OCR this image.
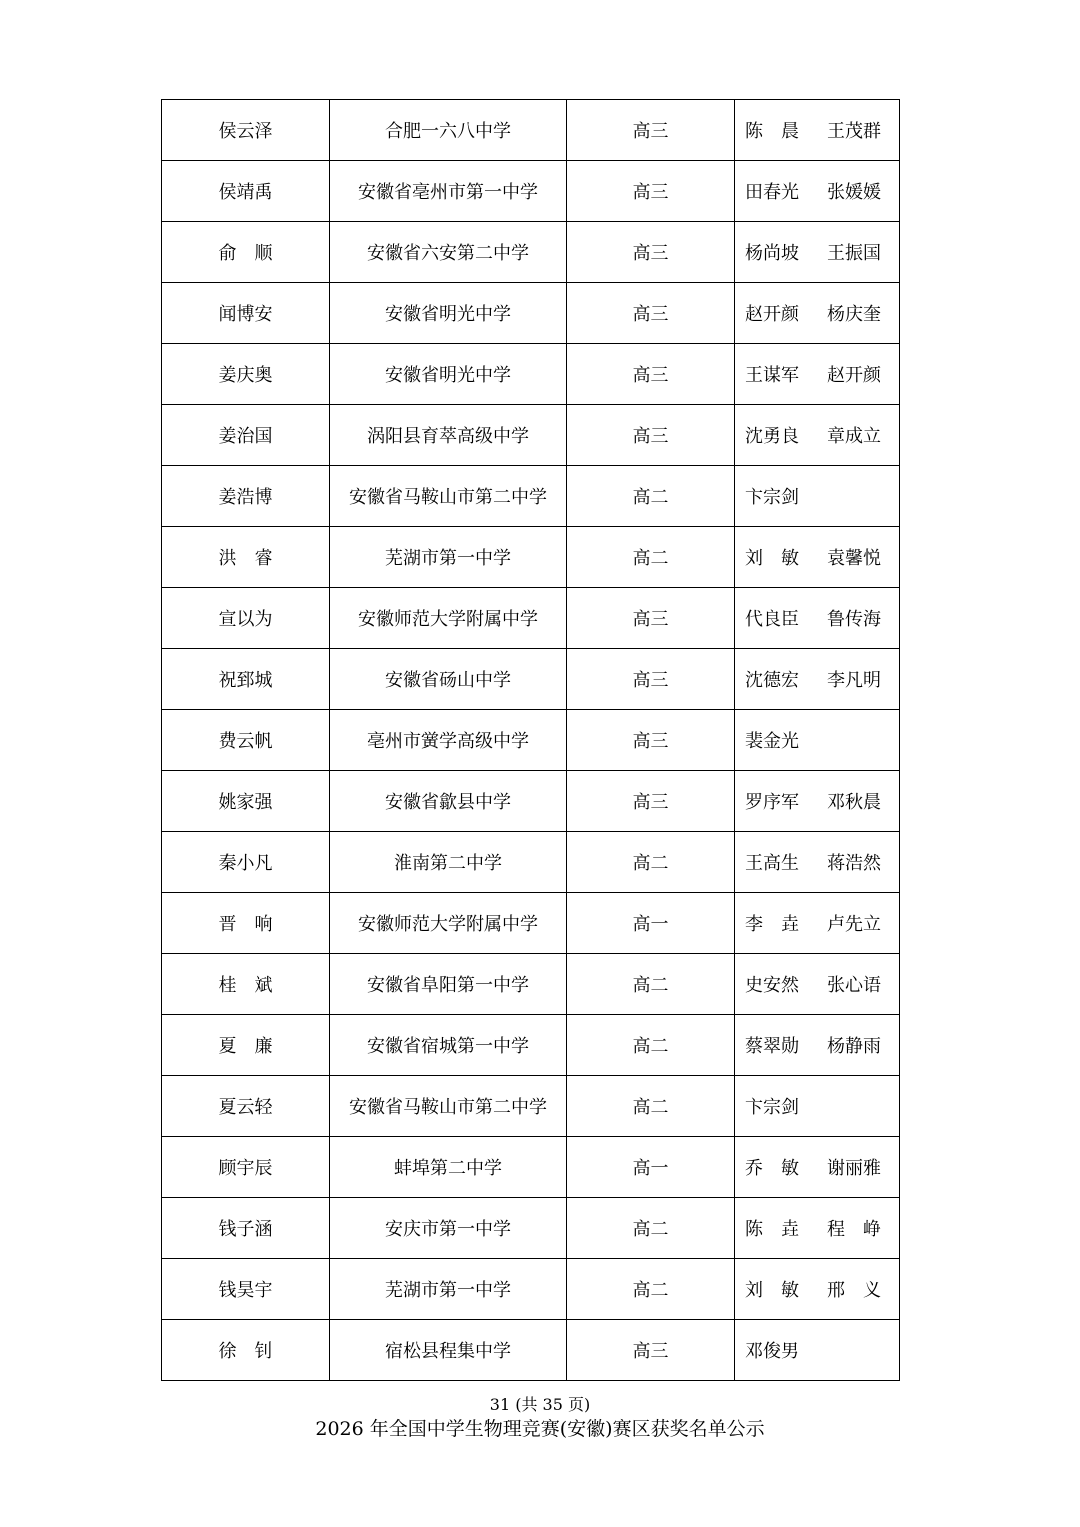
侯云泽	合肥一六八中学	高三	陈　晨 王茂群
侯靖禹	安徽省亳州市第一中学	高三	田春光 张媛媛
俞　顺	安徽省六安第二中学	高三	杨尚坡 王振国
闻博安	安徽省明光中学	高三	赵开颜 杨庆奎
姜庆奥	安徽省明光中学	高三	王谋军 赵开颜
姜治国	涡阳县育萃高级中学	高三	沈勇良 章成立
姜浩博	安徽省马鞍山市第二中学	高二	卞宗剑
洪　睿	芜湖市第一中学	高二	刘　敏 袁馨悦
宣以为	安徽师范大学附属中学	高三	代良臣 鲁传海
祝郅城	安徽省砀山中学	高三	沈德宏 李凡明
费云帆	亳州市黉学高级中学	高三	裴金光
姚家强	安徽省歙县中学	高三	罗序军 邓秋晨
秦小凡	淮南第二中学	高二	王高生 蒋浩然
晋　响	安徽师范大学附属中学	高一	李　垚 卢先立
桂　斌	安徽省阜阳第一中学	高二	史安然 张心语
夏　廉	安徽省宿城第一中学	高二	蔡翠勋 杨静雨
夏云轻	安徽省马鞍山市第二中学	高二	卞宗剑
顾宇辰	蚌埠第二中学	高一	乔　敏 谢丽雅
钱子涵	安庆市第一中学	高二	陈　垚 程　峥
钱昊宇	芜湖市第一中学	高二	刘　敏 邢　义
徐　钊	宿松县程集中学	高三	邓俊男
31 (共 35 页)
2026 年全国中学生物理竞赛(安徽)赛区获奖名单公示
